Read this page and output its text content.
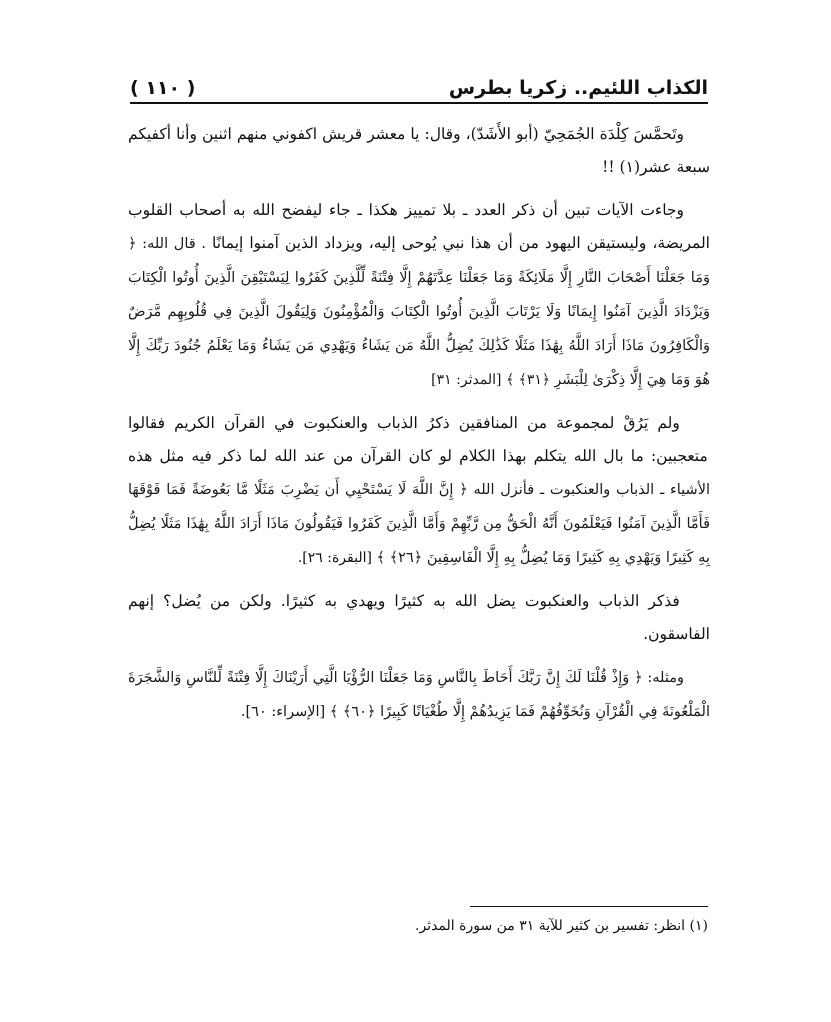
الكذاب اللئيم.. زكريا بطرس
( ١١٠ )

وتَحمَّسَ كِلْدَة الجُمَحِيّ (أبو الأَشَدّ)، وقال: يا معشر قريش اكفوني منهم اثنين وأنا أكفيكم سبعة عشر(١) !!

وجاءت الآيات تبين أن ذكر العدد ـ بلا تمييز هكذا ـ جاء ليفضح الله به أصحاب القلوب المريضة، وليستيقن اليهود من أن هذا نبي يُوحى إليه، ويزداد الذين آمنوا إيمانًا . قال الله: ﴿ وَمَا جَعَلْنَا أَصْحَابَ النَّارِ إِلَّا مَلَائِكَةً وَمَا جَعَلْنَا عِدَّتَهُمْ إِلَّا فِتْنَةً لِّلَّذِينَ كَفَرُوا لِيَسْتَيْقِنَ الَّذِينَ أُوتُوا الْكِتَابَ وَيَزْدَادَ الَّذِينَ آمَنُوا إِيمَانًا وَلَا يَرْتَابَ الَّذِينَ أُوتُوا الْكِتَابَ وَالْمُؤْمِنُونَ وَلِيَقُولَ الَّذِينَ فِي قُلُوبِهِم مَّرَضٌ وَالْكَافِرُونَ مَاذَا أَرَادَ اللَّهُ بِهَٰذَا مَثَلًا كَذَٰلِكَ يُضِلُّ اللَّهُ مَن يَشَاءُ وَيَهْدِي مَن يَشَاءُ وَمَا يَعْلَمُ جُنُودَ رَبِّكَ إِلَّا هُوَ وَمَا هِيَ إِلَّا ذِكْرَىٰ لِلْبَشَرِ ﴿٣١﴾ ﴾ [المدثر: ٣١]

ولم يَرُقْ لمجموعة من المنافقين ذكرُ الذباب والعنكبوت في القرآن الكريم فقالوا متعجبين: ما بال الله يتكلم بهذا الكلام لو كان القرآن من عند الله لما ذكر فيه مثل هذه الأشياء ـ الذباب والعنكبوت ـ فأنزل الله ﴿ إِنَّ اللَّهَ لَا يَسْتَحْيِي أَن يَضْرِبَ مَثَلًا مَّا بَعُوضَةً فَمَا فَوْقَهَا فَأَمَّا الَّذِينَ آمَنُوا فَيَعْلَمُونَ أَنَّهُ الْحَقُّ مِن رَّبِّهِمْ وَأَمَّا الَّذِينَ كَفَرُوا فَيَقُولُونَ مَاذَا أَرَادَ اللَّهُ بِهَٰذَا مَثَلًا يُضِلُّ بِهِ كَثِيرًا وَيَهْدِي بِهِ كَثِيرًا وَمَا يُضِلُّ بِهِ إِلَّا الْفَاسِقِينَ ﴿٢٦﴾ ﴾ [البقرة: ٢٦].

فذكر الذباب والعنكبوت يضل الله به كثيرًا ويهدي به كثيرًا. ولكن من يُضل؟ إنهم الفاسقون.

ومثله: ﴿ وَإِذْ قُلْنَا لَكَ إِنَّ رَبَّكَ أَحَاطَ بِالنَّاسِ وَمَا جَعَلْنَا الرُّؤْيَا الَّتِي أَرَيْنَاكَ إِلَّا فِتْنَةً لِّلنَّاسِ وَالشَّجَرَةَ الْمَلْعُونَةَ فِي الْقُرْآنِ وَنُخَوِّفُهُمْ فَمَا يَزِيدُهُمْ إِلَّا طُغْيَانًا كَبِيرًا ﴿٦٠﴾ ﴾ [الإسراء: ٦٠].

(١) انظر: تفسير بن كثير للآية ٣١ من سورة المدثر.
